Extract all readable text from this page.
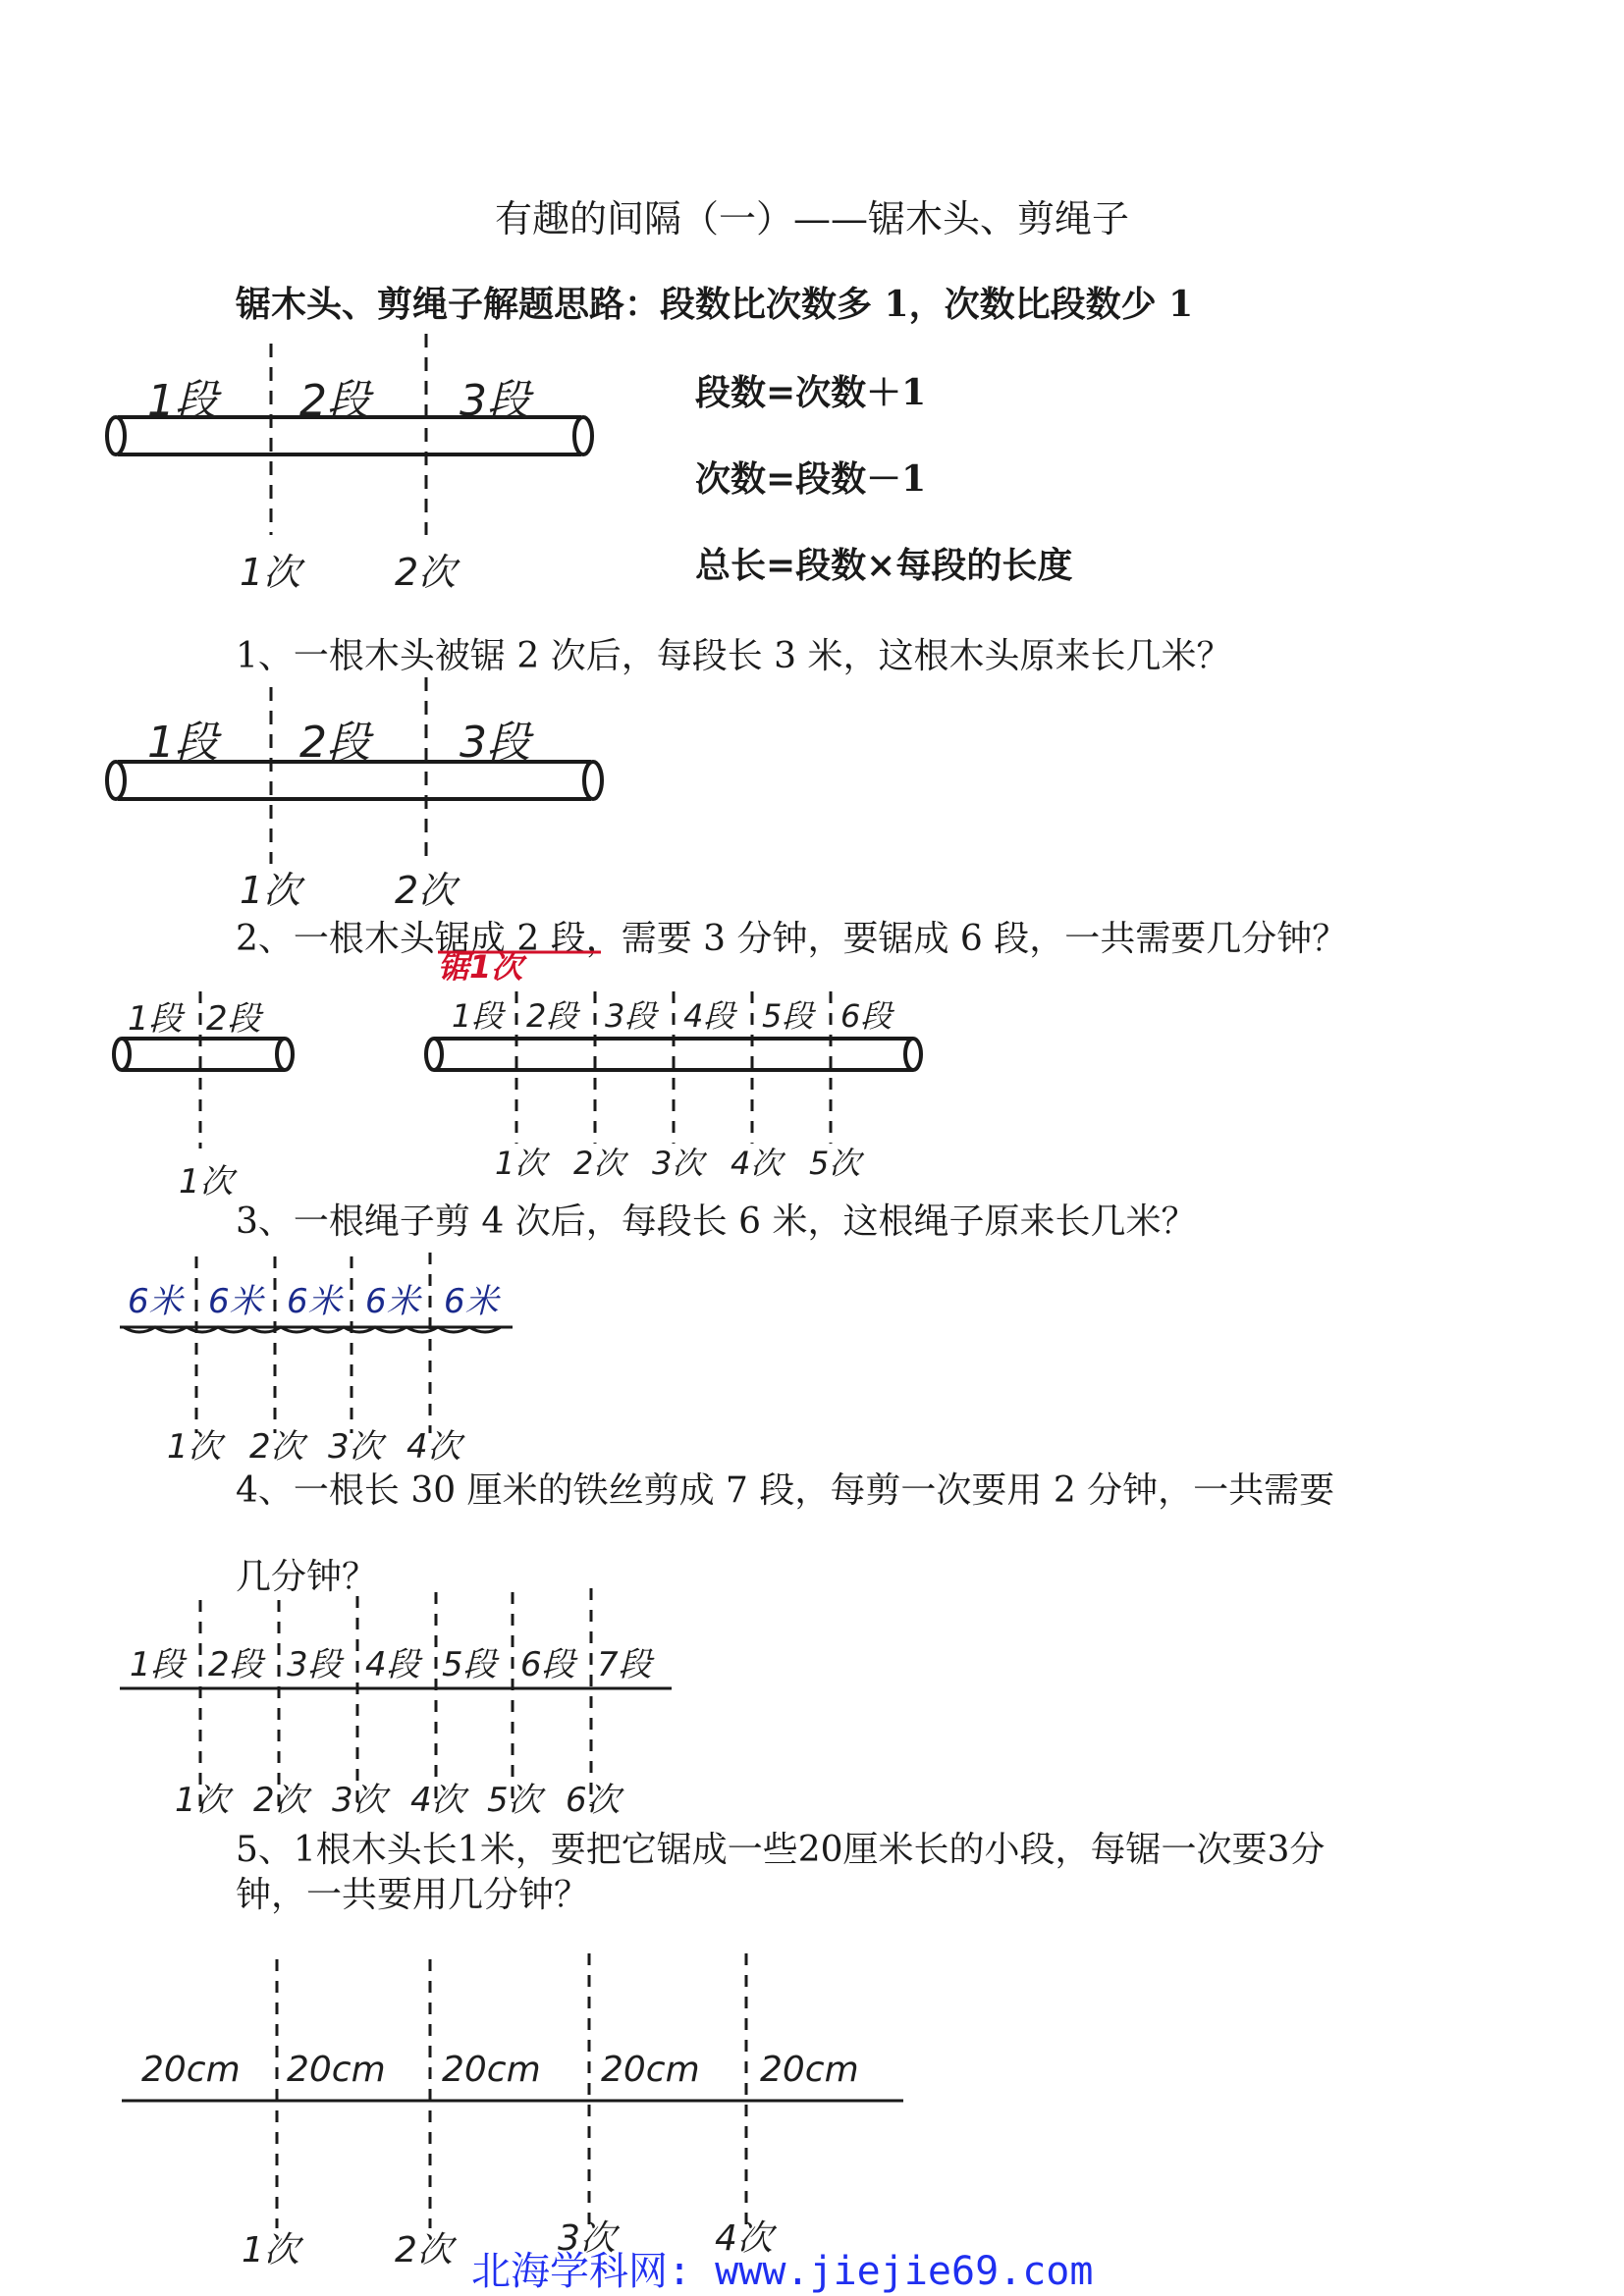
有趣的间隔（一）——锯木头、剪绳子
锯木头、剪绳子解题思路：段数比次数多 1，次数比段数少 1
段数=次数＋1
次数=段数－1
总长=段数×每段的长度
1、一根木头被锯 2 次后，每段长 3 米，这根木头原来长几米？
2、一根木头锯成 2 段，需要 3 分钟，要锯成 6 段，一共需要几分钟？
3、一根绳子剪 4 次后，每段长 6 米，这根绳子原来长几米？
4、一根长 30 厘米的铁丝剪成 7 段，每剪一次要用 2 分钟，一共需要
几分钟？
5、1根木头长1米，要把它锯成一些20厘米长的小段，每锯一次要3分
钟，一共要用几分钟？
1段 2段 3段
1次	2次
1段 2段 3段
1次	2次
1段 2段
1次
锯1次
1段 2段 3段 4段 5段 6段
1次 2次 3次 4次 5次
6米 6米 6米 6米 6米
1次 2次 3次 4次
1段 2段 3段 4段 5段 6段 7段
1次 2次 3次 4次 5次 6次
20cm 20cm 20cm 20cm 20cm
1次	2次	3次	4次
北海学科网: www.jiejie69.com
